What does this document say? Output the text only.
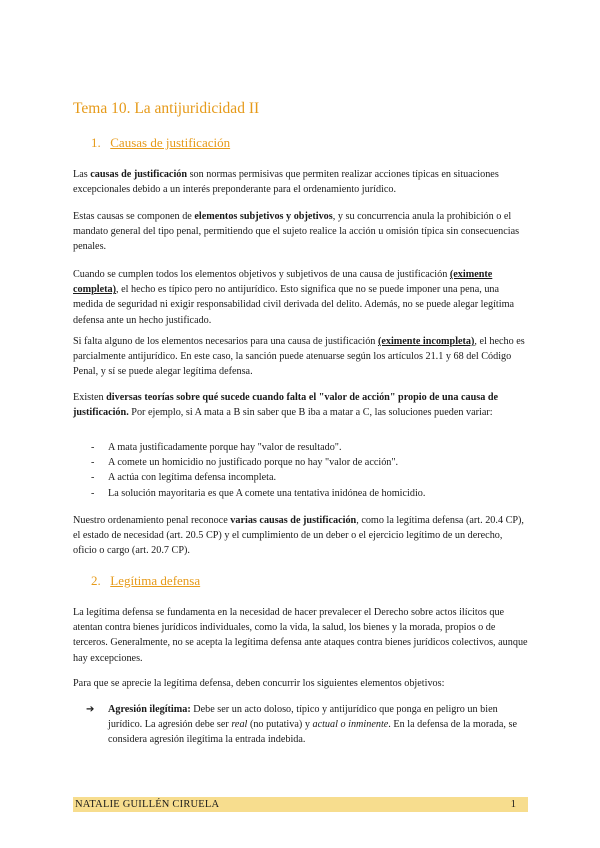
Tema 10. La antijuridicidad II
1. Causas de justificación

Las causas de justificación son normas permisivas que permiten realizar acciones típicas en situaciones excepcionales debido a un interés preponderante para el ordenamiento jurídico.

Estas causas se componen de elementos subjetivos y objetivos, y su concurrencia anula la prohibición o el mandato general del tipo penal, permitiendo que el sujeto realice la acción u omisión típica sin consecuencias penales.

Cuando se cumplen todos los elementos objetivos y subjetivos de una causa de justificación (eximente completa), el hecho es típico pero no antijurídico. Esto significa que no se puede imponer una pena, una medida de seguridad ni exigir responsabilidad civil derivada del delito. Además, no se puede alegar legítima defensa ante un hecho justificado.

Si falta alguno de los elementos necesarios para una causa de justificación (eximente incompleta), el hecho es parcialmente antijurídico. En este caso, la sanción puede atenuarse según los artículos 21.1 y 68 del Código Penal, y sí se puede alegar legítima defensa.

Existen diversas teorías sobre qué sucede cuando falta el "valor de acción" propio de una causa de justificación. Por ejemplo, si A mata a B sin saber que B iba a matar a C, las soluciones pueden variar:

- A mata justificadamente porque hay "valor de resultado".
- A comete un homicidio no justificado porque no hay "valor de acción".
- A actúa con legítima defensa incompleta.
- La solución mayoritaria es que A comete una tentativa inidónea de homicidio.

Nuestro ordenamiento penal reconoce varias causas de justificación, como la legítima defensa (art. 20.4 CP), el estado de necesidad (art. 20.5 CP) y el cumplimiento de un deber o el ejercicio legítimo de un derecho, oficio o cargo (art. 20.7 CP).

2. Legítima defensa

La legítima defensa se fundamenta en la necesidad de hacer prevalecer el Derecho sobre actos ilícitos que atentan contra bienes jurídicos individuales, como la vida, la salud, los bienes y la morada, propios o de terceros. Generalmente, no se acepta la legítima defensa ante ataques contra bienes jurídicos colectivos, aunque hay excepciones.

Para que se aprecie la legítima defensa, deben concurrir los siguientes elementos objetivos:

➔	Agresión ilegítima: Debe ser un acto doloso, típico y antijurídico que ponga en peligro un bien jurídico. La agresión debe ser real (no putativa) y actual o inminente. En la defensa de la morada, se considera agresión ilegítima la entrada indebida.
NATALIE GUILLÉN CIRUELA	1
